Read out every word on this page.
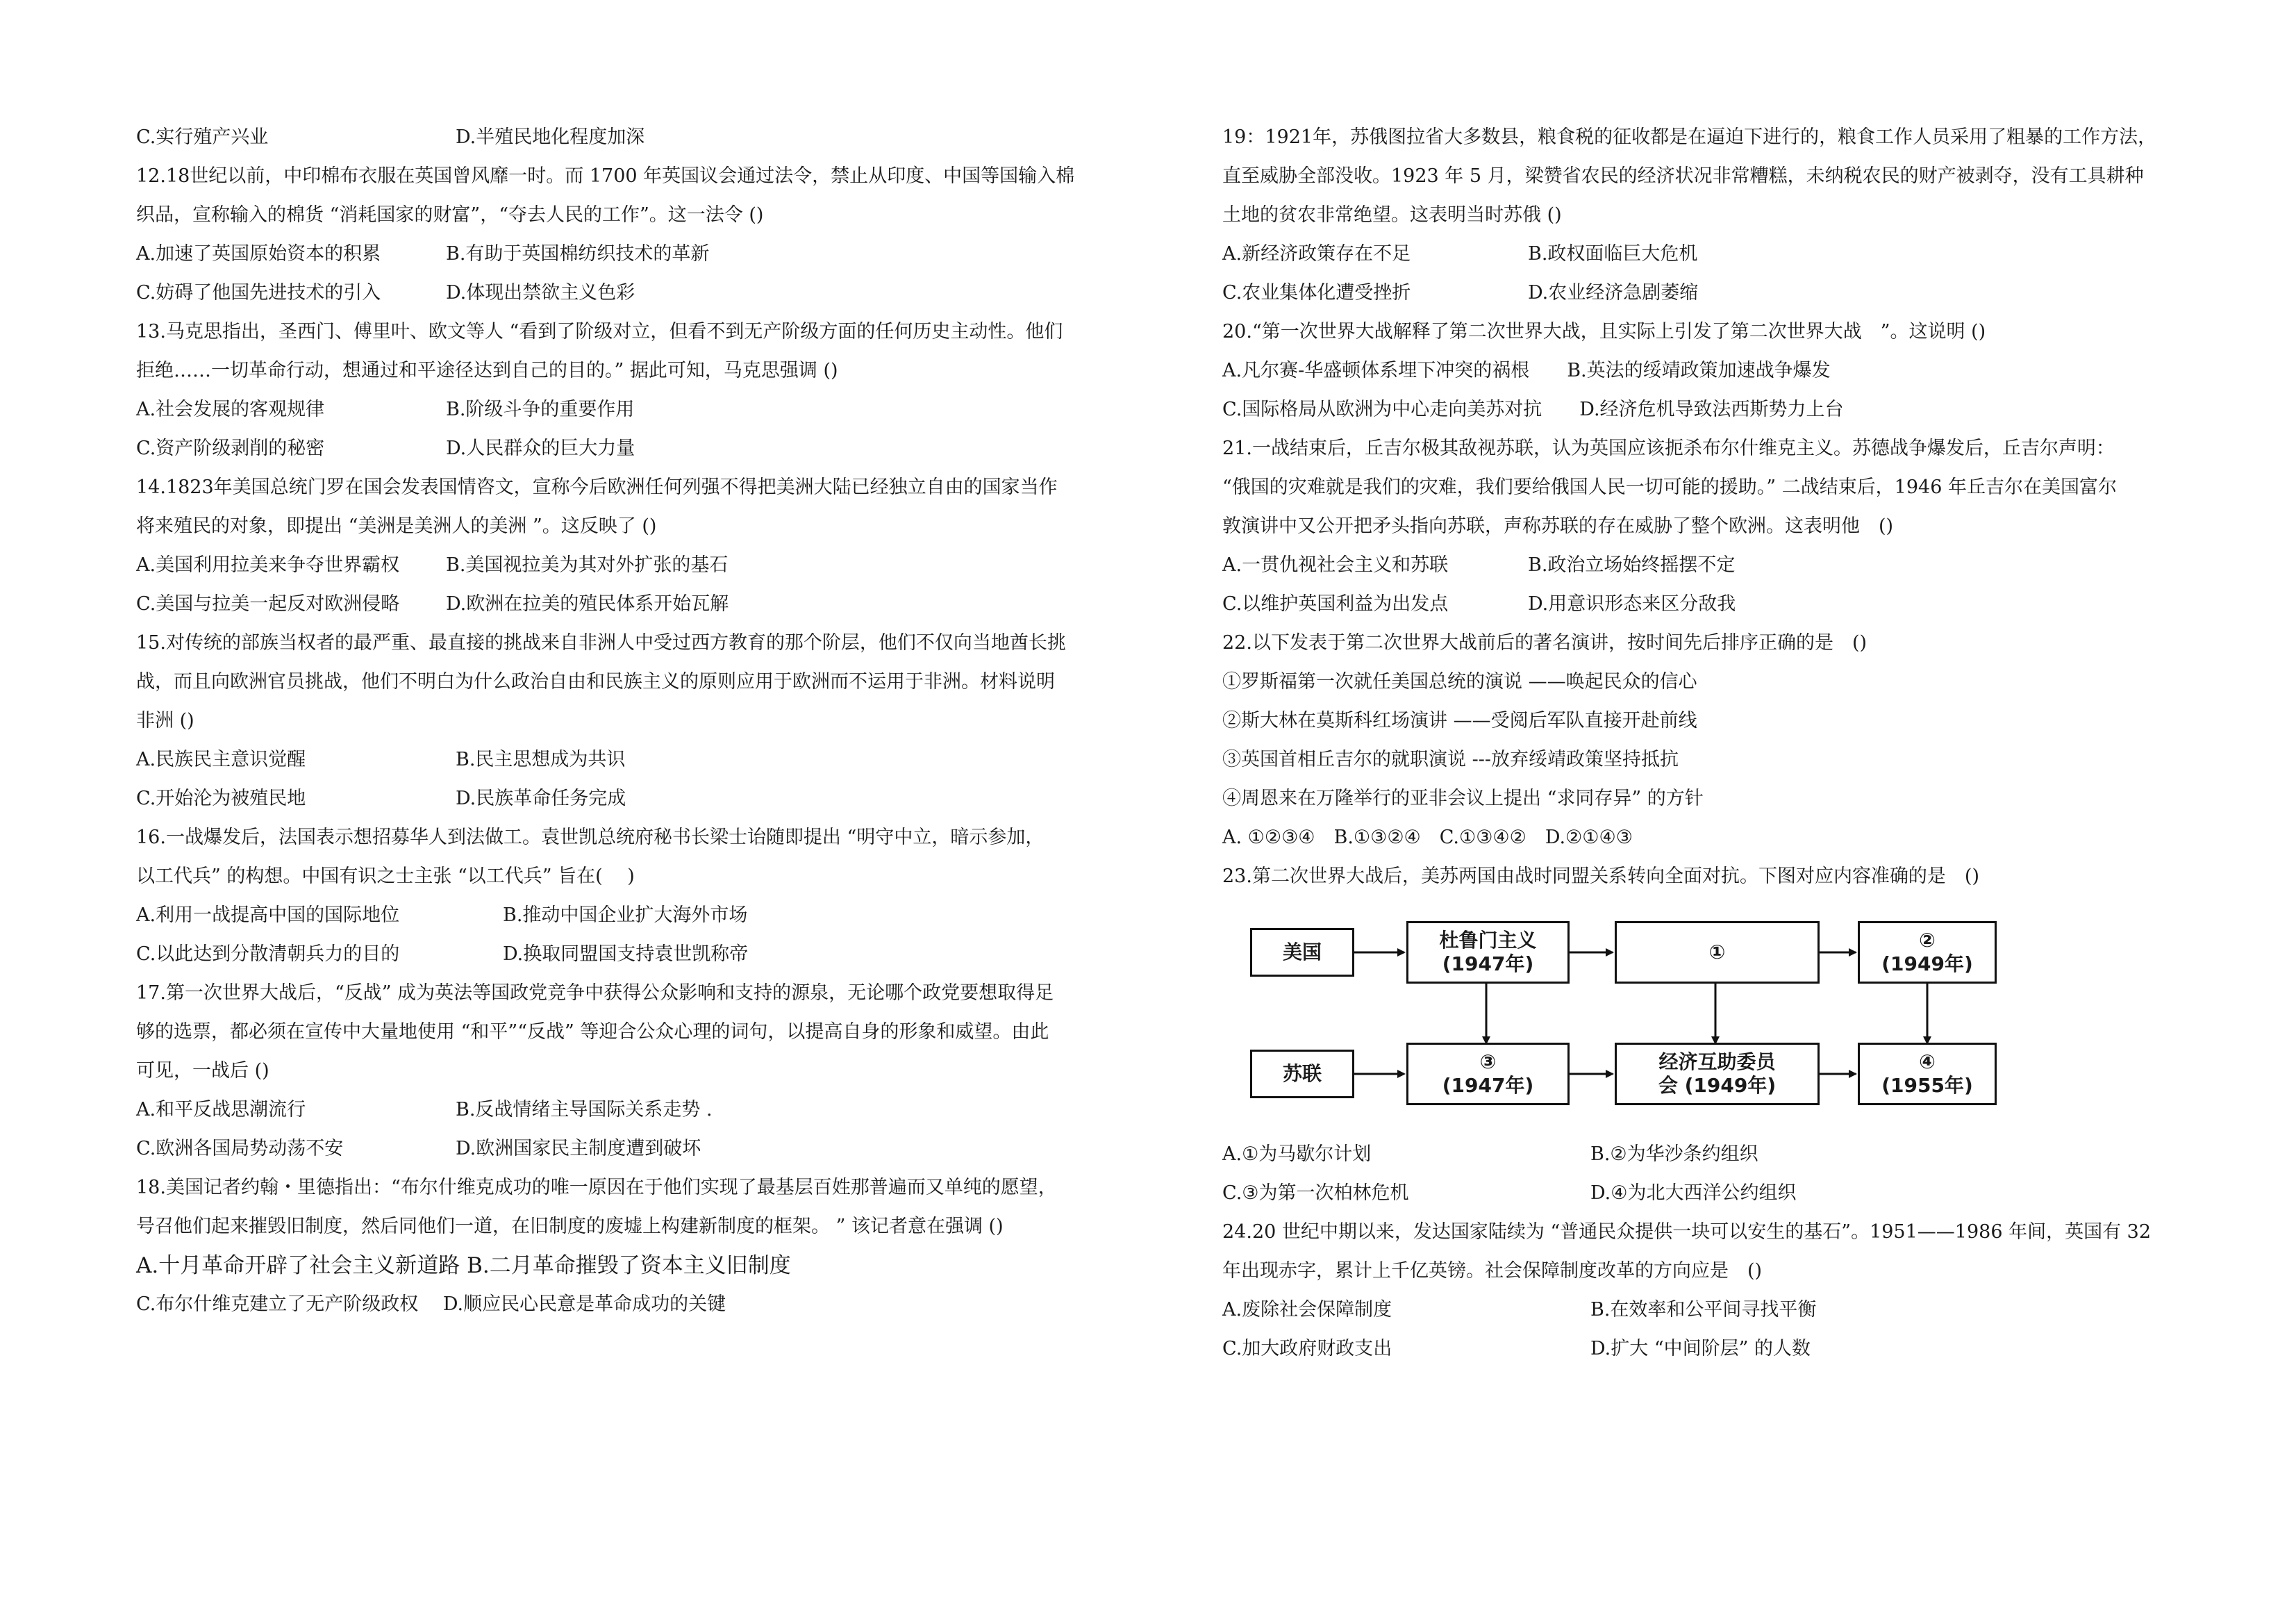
C.实行殖产兴业	D.半殖民地化程度加深
12.18世纪以前，中印棉布衣服在英国曾风靡一时。而 1700 年英国议会通过法令，禁止从印度、中国等国输入棉
织品，宣称输入的棉货 “消耗国家的财富”，“夺去人民的工作”。这一法令 ()
A.加速了英国原始资本的积累	B.有助于英国棉纺织技术的革新
C.妨碍了他国先进技术的引入	D.体现出禁欲主义色彩
13.马克思指出，圣西门、傅里叶、欧文等人 “看到了阶级对立，但看不到无产阶级方面的任何历史主动性。他们
拒绝……一切革命行动，想通过和平途径达到自己的目的。” 据此可知，马克思强调 ()
A.社会发展的客观规律	B.阶级斗争的重要作用
C.资产阶级剥削的秘密	D.人民群众的巨大力量
14.1823年美国总统门罗在国会发表国情咨文，宣称今后欧洲任何列强不得把美洲大陆已经独立自由的国家当作
将来殖民的对象，即提出 “美洲是美洲人的美洲 ”。这反映了 ()
A.美国利用拉美来争夺世界霸权 B.美国视拉美为其对外扩张的基石
C.美国与拉美一起反对欧洲侵略 D.欧洲在拉美的殖民体系开始瓦解
15.对传统的部族当权者的最严重、最直接的挑战来自非洲人中受过西方教育的那个阶层，他们不仅向当地酋长挑
战，而且向欧洲官员挑战，他们不明白为什么政治自由和民族主义的原则应用于欧洲而不运用于非洲。材料说明
非洲 ()
A.民族民主意识觉醒	B.民主思想成为共识
C.开始沦为被殖民地	D.民族革命任务完成
16.一战爆发后，法国表示想招募华人到法做工。袁世凯总统府秘书长梁士诒随即提出 “明守中立，暗示参加，
以工代兵” 的构想。中国有识之士主张 “以工代兵” 旨在(　 )
A.利用一战提高中国的国际地位	B.推动中国企业扩大海外市场
C.以此达到分散清朝兵力的目的	D.换取同盟国支持袁世凯称帝
17.第一次世界大战后，“反战” 成为英法等国政党竞争中获得公众影响和支持的源泉，无论哪个政党要想取得足
够的选票，都必须在宣传中大量地使用 “和平”“反战” 等迎合公众心理的词句，以提高自身的形象和威望。由此
可见，一战后 ()
A.和平反战思潮流行	B.反战情绪主导国际关系走势 .
C.欧洲各国局势动荡不安	D.欧洲国家民主制度遭到破坏
18.美国记者约翰・里德指出：“布尔什维克成功的唯一原因在于他们实现了最基层百姓那普遍而又单纯的愿望，
号召他们起来摧毁旧制度，然后同他们一道，在旧制度的废墟上构建新制度的框架。 ” 该记者意在强调 ()
A.十月革命开辟了社会主义新道路 B.二月革命摧毁了资本主义旧制度
C.布尔什维克建立了无产阶级政权　 D.顺应民心民意是革命成功的关键
19：1921年，苏俄图拉省大多数县，粮食税的征收都是在逼迫下进行的，粮食工作人员采用了粗暴的工作方法，
直至威胁全部没收。1923 年 5 月，梁赞省农民的经济状况非常糟糕，未纳税农民的财产被剥夺，没有工具耕种
土地的贫农非常绝望。这表明当时苏俄 ()
A.新经济政策存在不足	B.政权面临巨大危机
C.农业集体化遭受挫折	D.农业经济急剧萎缩
20.“第一次世界大战解释了第二次世界大战，且实际上引发了第二次世界大战　”。这说明 ()
A.凡尔赛-华盛顿体系埋下冲突的祸根　　B.英法的绥靖政策加速战争爆发
C.国际格局从欧洲为中心走向美苏对抗　　D.经济危机导致法西斯势力上台
21.一战结束后，丘吉尔极其敌视苏联，认为英国应该扼杀布尔什维克主义。苏德战争爆发后，丘吉尔声明：
“俄国的灾难就是我们的灾难，我们要给俄国人民一切可能的援助。” 二战结束后，1946 年丘吉尔在美国富尔
敦演讲中又公开把矛头指向苏联，声称苏联的存在威胁了整个欧洲。这表明他　()
A.一贯仇视社会主义和苏联	B.政治立场始终摇摆不定
C.以维护英国利益为出发点	D.用意识形态来区分敌我
22.以下发表于第二次世界大战前后的著名演讲，按时间先后排序正确的是　()
①罗斯福第一次就任美国总统的演说 ——唤起民众的信心
②斯大林在莫斯科红场演讲 ——受阅后军队直接开赴前线
③英国首相丘吉尔的就职演说 ---放弃绥靖政策坚持抵抗
④周恩来在万隆举行的亚非会议上提出 “求同存异” 的方针
A. ①②③④　B.①③②④　C.①③④②　D.②①④③
23.第二次世界大战后，美苏两国由战时同盟关系转向全面对抗。下图对应内容准确的是　()
美国
杜鲁门主义
(1947年)
①
②
(1949年)
苏联
③
(1947年)
经济互助委员
会 (1949年)
④
(1955年)
A.①为马歇尔计划	B.②为华沙条约组织
C.③为第一次柏林危机	D.④为北大西洋公约组织
24.20 世纪中期以来，发达国家陆续为 “普通民众提供一块可以安生的基石”。1951——1986 年间，英国有 32
年出现赤字，累计上千亿英镑。社会保障制度改革的方向应是　()
A.废除社会保障制度	B.在效率和公平间寻找平衡
C.加大政府财政支出	D.扩大 “中间阶层” 的人数
